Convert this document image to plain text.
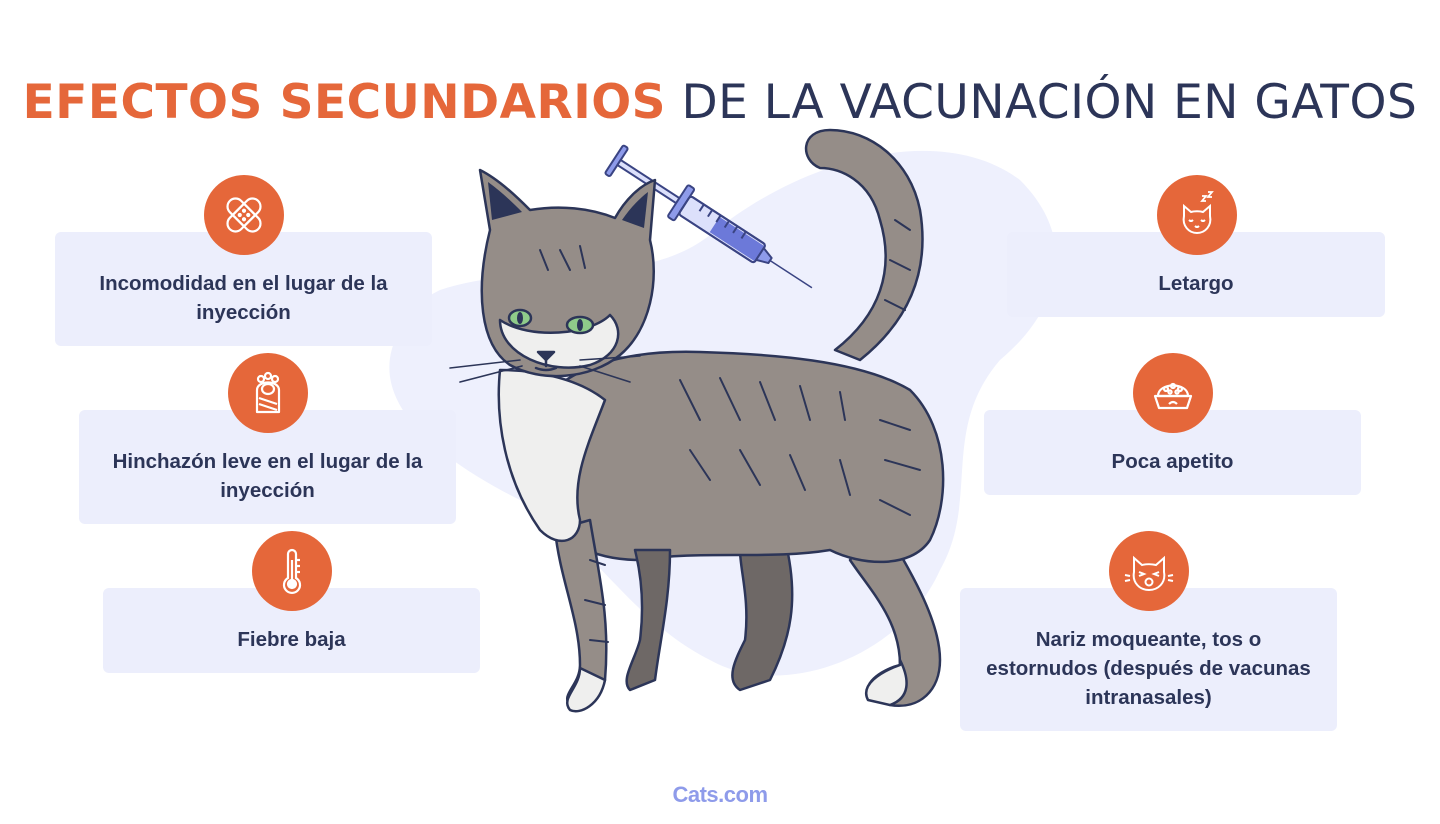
EFECTOS SECUNDARIOS DE LA VACUNACIÓN EN GATOS
Incomodidad en el lugar de la inyección
Hinchazón leve en el lugar de la inyección
Fiebre baja
Letargo
Poca apetito
Nariz moqueante, tos o estornudos (después de vacunas intranasales)
Cats.com
